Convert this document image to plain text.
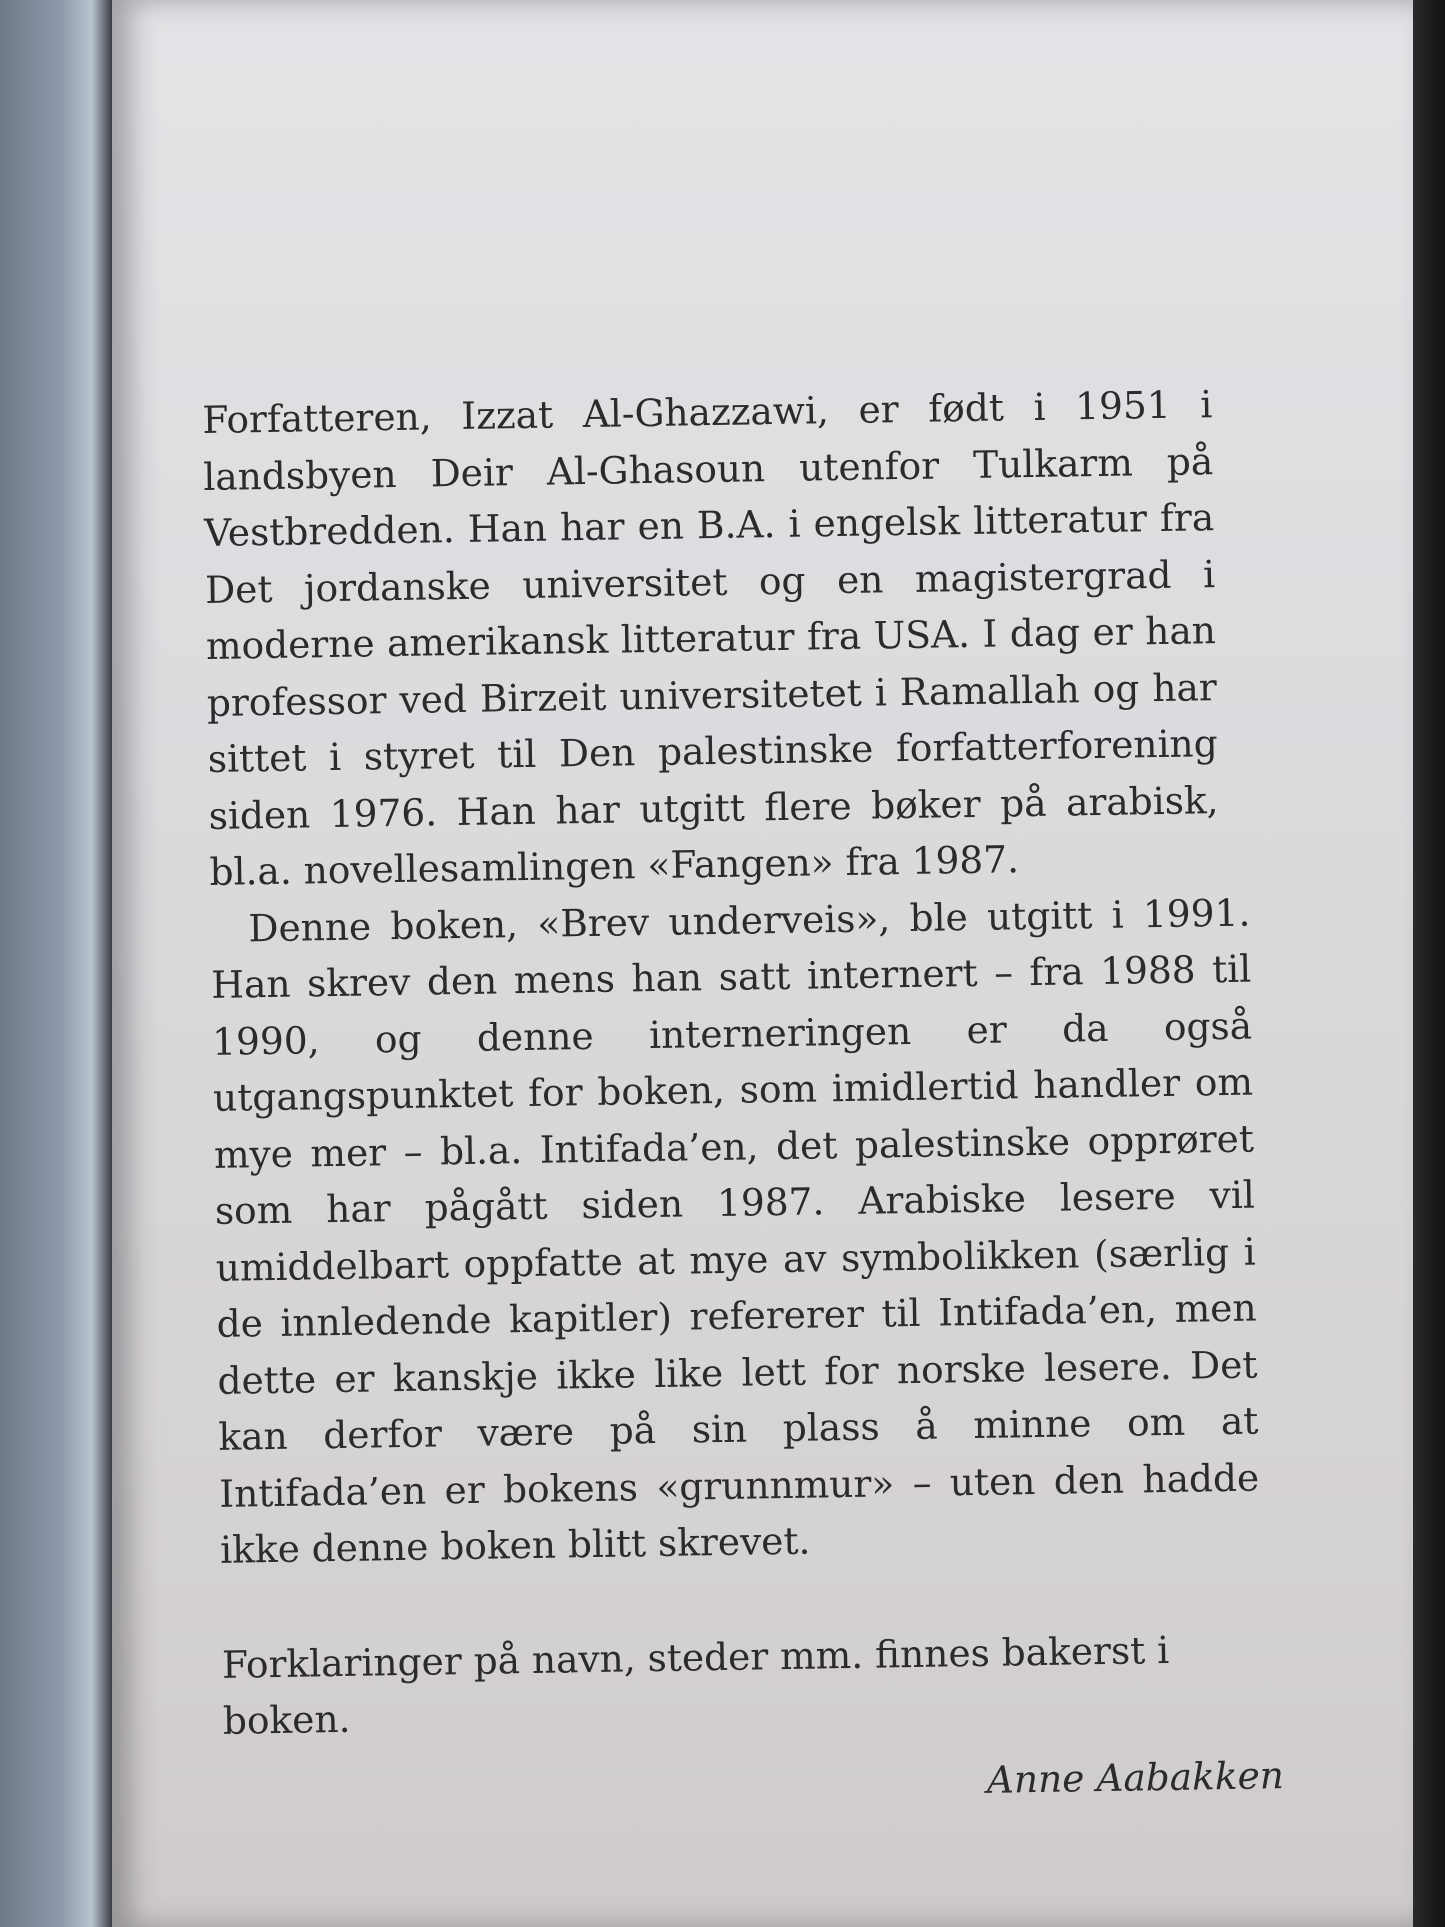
Forfatteren, Izzat Al-Ghazzawi, er født i 1951 i landsbyen Deir Al-Ghasoun utenfor Tulkarm på Vestbredden. Han har en B.A. i engelsk litteratur fra Det jordanske universitet og en magistergrad i moderne amerikansk litteratur fra USA. I dag er han professor ved Birzeit universitetet i Ramallah og har sittet i styret til Den palestinske forfatterforening siden 1976. Han har utgitt flere bøker på arabisk, bl.a. novellesamlingen «Fangen» fra 1987.

Denne boken, «Brev underveis», ble utgitt i 1991. Han skrev den mens han satt internert – fra 1988 til 1990, og denne interneringen er da også utgangspunktet for boken, som imidlertid handler om mye mer – bl.a. Intifada’en, det palestinske opprøret som har pågått siden 1987. Arabiske lesere vil umiddelbart oppfatte at mye av symbolikken (særlig i de innledende kapitler) refererer til Intifada’en, men dette er kanskje ikke like lett for norske lesere. Det kan derfor være på sin plass å minne om at Intifada’en er bokens «grunnmur» – uten den hadde ikke denne boken blitt skrevet.

Forklaringer på navn, steder mm. finnes bakerst i boken.

Anne Aabakken
